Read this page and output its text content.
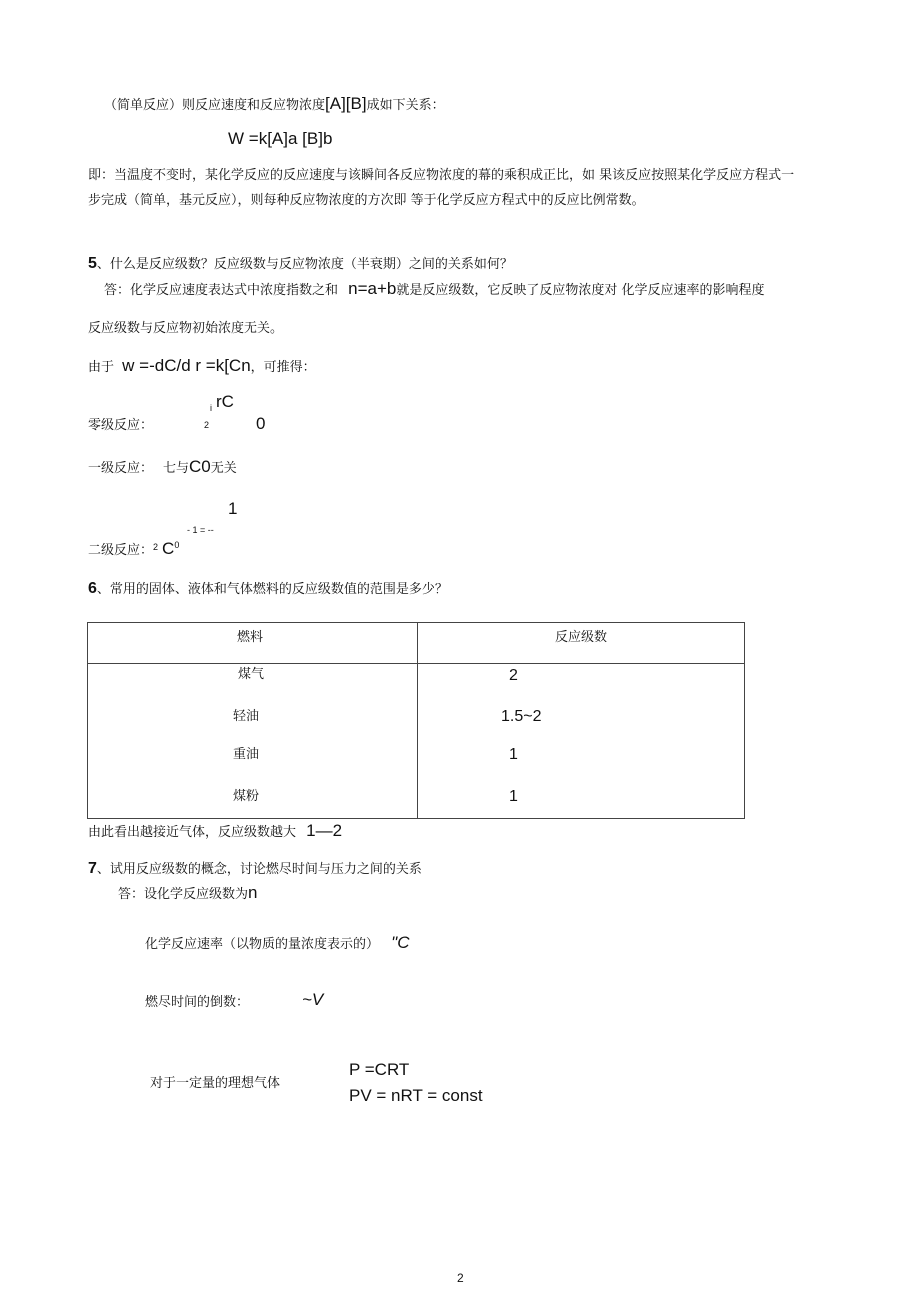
（简单反应）则反应速度和反应物浓度[A][B]成如下关系：
W =k[A]a [B]b
即：当温度不变时，某化学反应的反应速度与该瞬间各反应物浓度的幕的乘积成正比，如 果该反应按照某化学反应方程式一
步完成（简单，基元反应），则每种反应物浓度的方次即 等于化学反应方程式中的反应比例常数。
5、什么是反应级数？反应级数与反应物浓度（半衰期）之间的关系如何？
答：化学反应速度表达式中浓度指数之和 n=a+b就是反应级数，它反映了反应物浓度对 化学反应速率的影响程度
反应级数与反应物初始浓度无关。
由于 w =-dC/d r =k[Cn，可推得：
i rC
零级反应：	2	0
一级反应： 七与C0无关
1
- 1 = --
二级反应：$^2$ $C^0$
6、常用的固体、液体和气体燃料的反应级数值的范围是多少？
燃料	反应级数
煤气	2
轻油	1.5~2
重油	1
煤粉	1
由此看出越接近气体，反应级数越大 1—2
7、试用反应级数的概念，讨论燃尽时间与压力之间的关系
答：设化学反应级数为n
化学反应速率（以物质的量浓度表示的） "C
燃尽时间的倒数：	~V
对于一定量的理想气体
P =CRT
PV = nRT = const
2
